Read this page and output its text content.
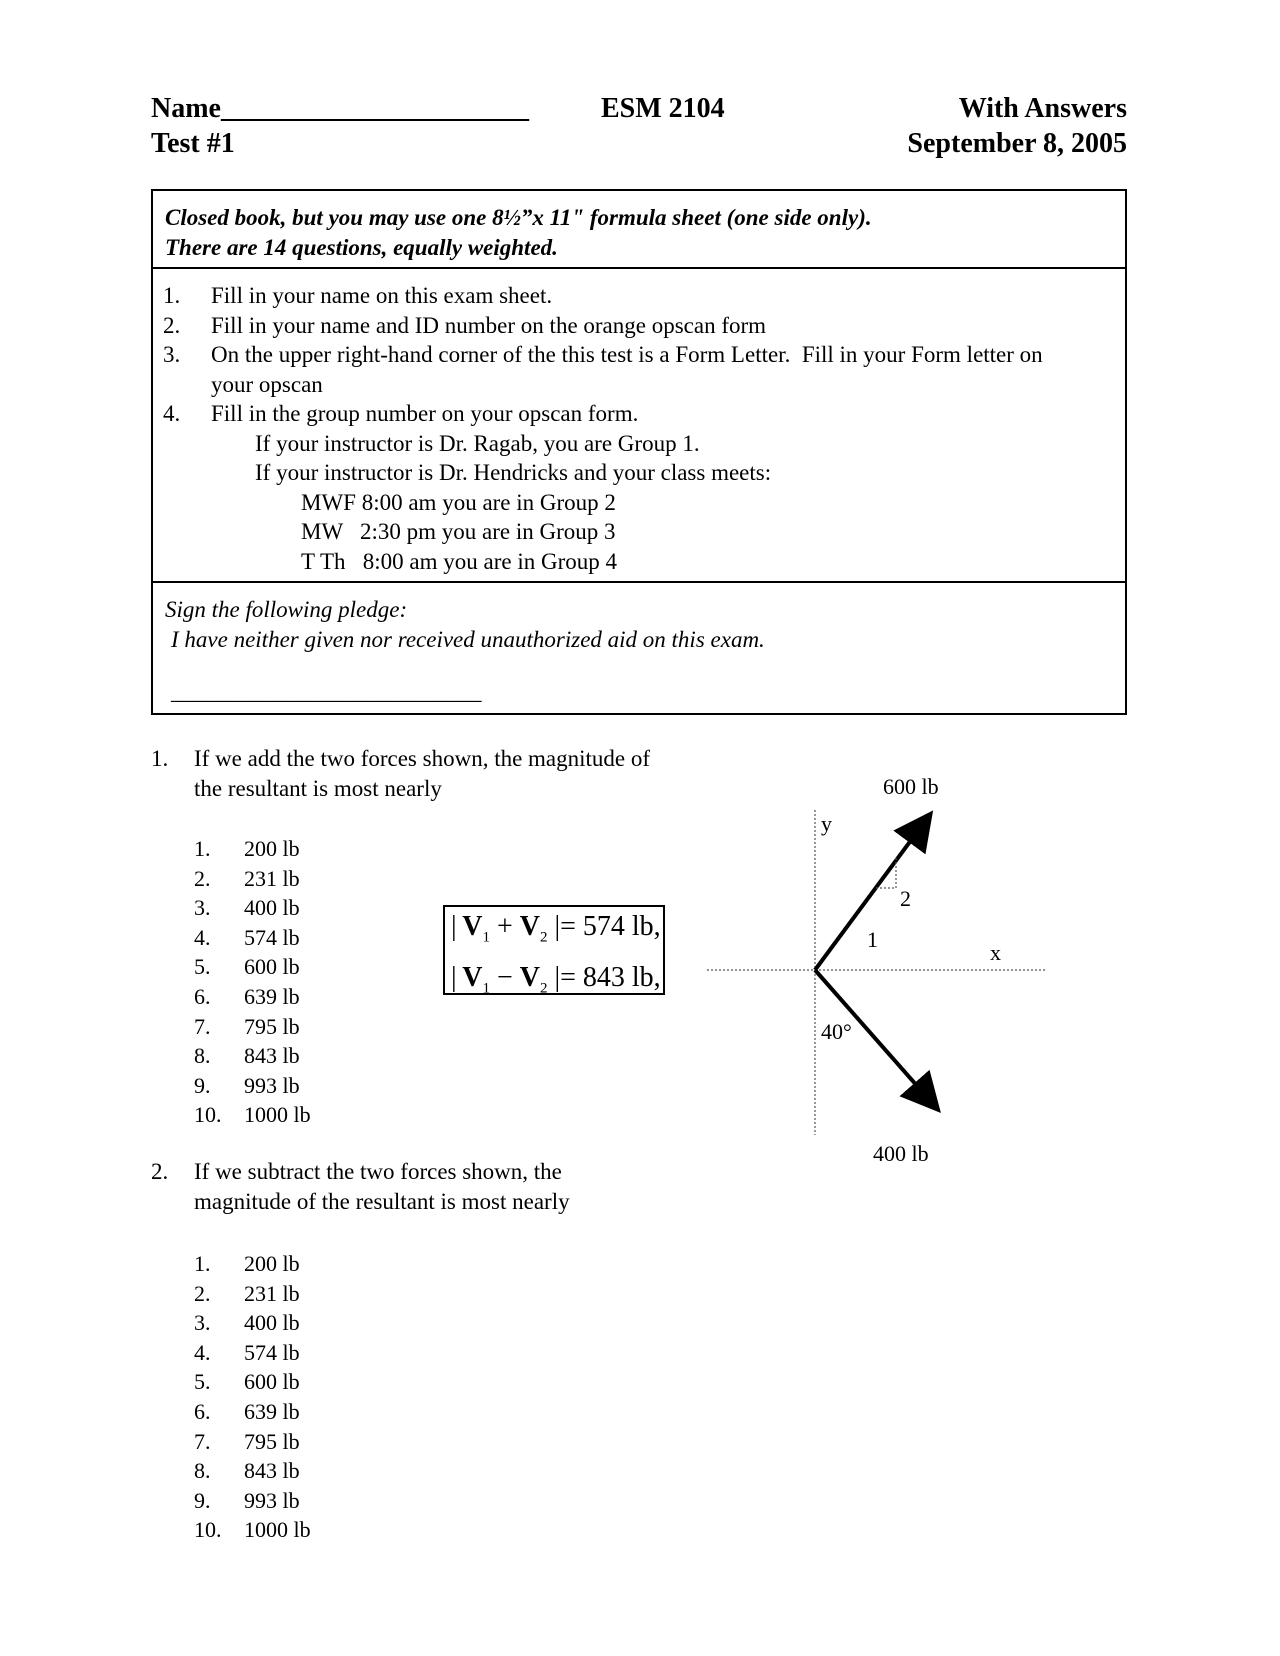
Name______________________	ESM 2104	With Answers
Test #1	September 8, 2005
Closed book, but you may use one 8½”x 11" formula sheet (one side only).
There are 14 questions, equally weighted.
1. Fill in your name on this exam sheet.
2. Fill in your name and ID number on the orange opscan form
3. On the upper right-hand corner of the this test is a Form Letter.  Fill in your Form letter on
your opscan
4. Fill in the group number on your opscan form.
If your instructor is Dr. Ragab, you are Group 1.
If your instructor is Dr. Hendricks and your class meets:
MWF 8:00 am you are in Group 2
MW   2:30 pm you are in Group 3
T Th   8:00 am you are in Group 4
Sign the following pledge:
I have neither given nor received unauthorized aid on this exam.
___________________________
1. If we add the two forces shown, the magnitude of
the resultant is most nearly
1. 200 lb
2. 231 lb
3. 400 lb
4. 574 lb
5. 600 lb
6. 639 lb
7. 795 lb
8. 843 lb
9. 993 lb
10. 1000 lb
| $V_1 + V_2$ |= 574 lb,
| $V_1 - V_2$ |= 843 lb,
600 lb
400 lb
y
x
2
1
40°
2. If we subtract the two forces shown, the
magnitude of the resultant is most nearly
1. 200 lb
2. 231 lb
3. 400 lb
4. 574 lb
5. 600 lb
6. 639 lb
7. 795 lb
8. 843 lb
9. 993 lb
10. 1000 lb
